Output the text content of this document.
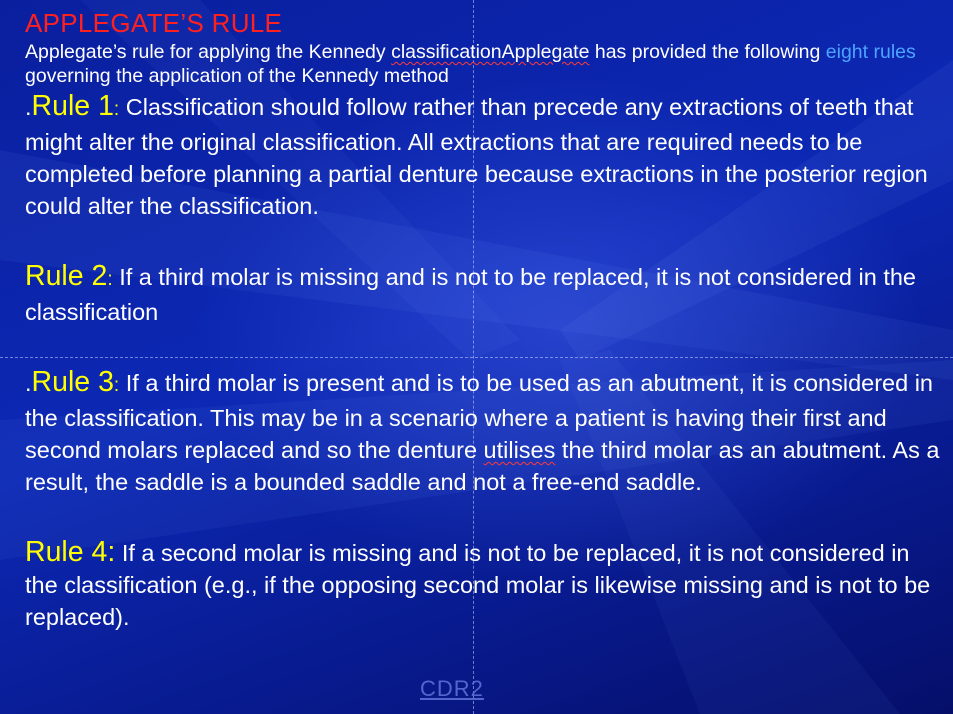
APPLEGATE’S RULE

Applegate’s rule for applying the Kennedy classificationApplegate has provided the following eight rules governing the application of the Kennedy method

.Rule 1: Classification should follow rather than precede any extractions of teeth that might alter the original classification. All extractions that are required needs to be completed before planning a partial denture because extractions in the posterior region could alter the classification.

Rule 2: If a third molar is missing and is not to be replaced, it is not considered in the classification

.Rule 3: If a third molar is present and is to be used as an abutment, it is considered in the classification. This may be in a scenario where a patient is having their first and second molars replaced and so the denture utilises the third molar as an abutment. As a result, the saddle is a bounded saddle and not a free-end saddle.

Rule 4: If a second molar is missing and is not to be replaced, it is not considered in the classification (e.g., if the opposing second molar is likewise missing and is not to be replaced).

CDR2
